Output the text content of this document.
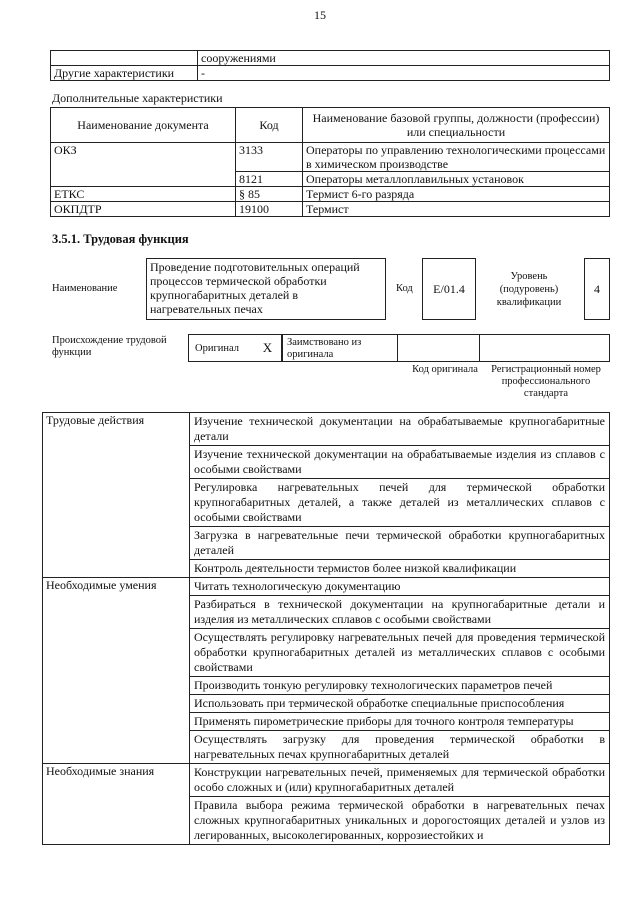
15
	сооружениями
Другие характеристики	-
Дополнительные характеристики
Наименование документа	Код	Наименование базовой группы, должности (профессии) или специальности
ОКЗ	3133	Операторы по управлению технологическими процессами в химическом производстве
	8121	Операторы металлоплавильных установок
ЕТКС	§ 85	Термист 6-го разряда
ОКПДТР	19100	Термист
3.5.1. Трудовая функция
Наименование
Проведение подготовительных операций процессов термической обработки крупногабаритных деталей в нагревательных печах
Код Е/01.4
Уровень (подуровень) квалификации
4
Происхождение трудовой функции	Оригинал X Заимствовано из оригинала
Код оригинала	Регистрационный номер профессионального стандарта
Трудовые действия	Изучение технической документации на обрабатываемые крупногабаритные детали
	Изучение технической документации на обрабатываемые изделия из сплавов с особыми свойствами
	Регулировка нагревательных печей для термической обработки крупногабаритных деталей, а также деталей из металлических сплавов с особыми свойствами
	Загрузка в нагревательные печи термической обработки крупногабаритных деталей
	Контроль деятельности термистов более низкой квалификации
Необходимые умения	Читать технологическую документацию
	Разбираться в технической документации на крупногабаритные детали и изделия из металлических сплавов с особыми свойствами
	Осуществлять регулировку нагревательных печей для проведения термической обработки крупногабаритных деталей из металлических сплавов с особыми свойствами
	Производить тонкую регулировку технологических параметров печей
	Использовать при термической обработке специальные приспособления
	Применять пирометрические приборы для точного контроля температуры
	Осуществлять загрузку для проведения термической обработки в нагревательных печах крупногабаритных деталей
Необходимые знания	Конструкции нагревательных печей, применяемых для термической обработки особо сложных и (или) крупногабаритных деталей
	Правила выбора режима термической обработки в нагревательных печах сложных крупногабаритных уникальных и дорогостоящих деталей и узлов из легированных, высоколегированных, коррозиестойких и
